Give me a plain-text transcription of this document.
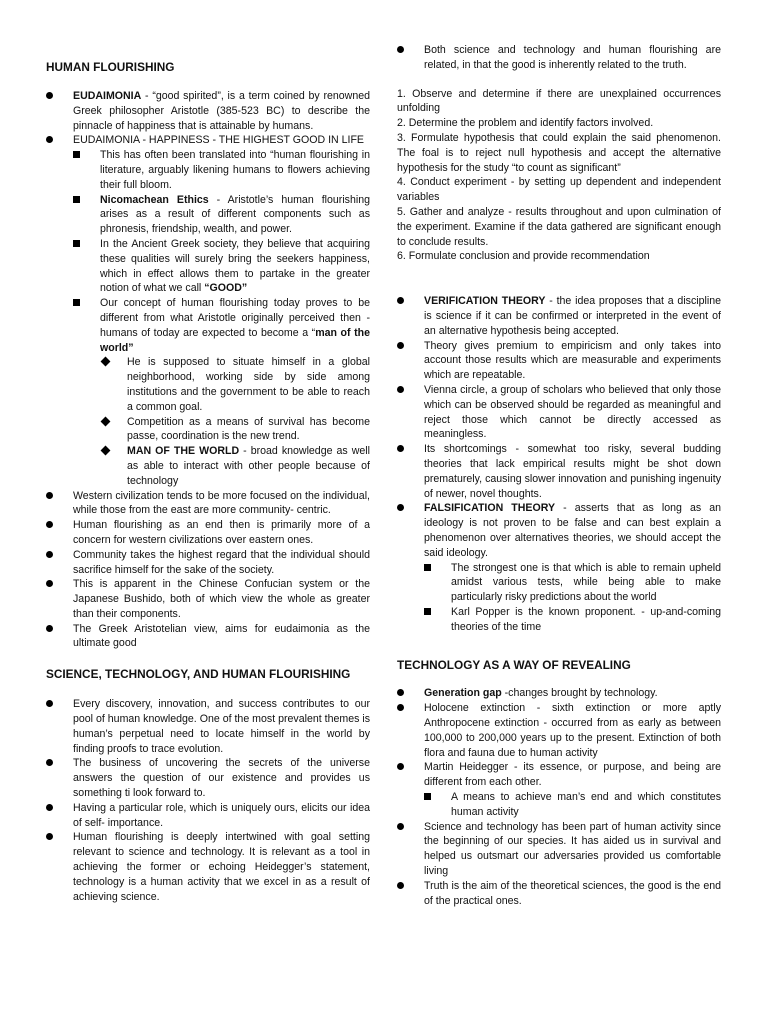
HUMAN FLOURISHING
EUDAIMONIA - “good spirited”, is a term coined by renowned Greek philosopher Aristotle (385-523 BC) to describe the pinnacle of happiness that is attainable by humans.
EUDAIMONIA - HAPPINESS - THE HIGHEST GOOD IN LIFE
This has often been translated into “human flourishing in literature, arguably likening humans to flowers achieving their full bloom.
Nicomachean Ethics - Aristotle’s human flourishing arises as a result of different components such as phronesis, friendship, wealth, and power.
In the Ancient Greek society, they believe that acquiring these qualities will surely bring the seekers happiness, which in effect allows them to partake in the greater notion of what we call “GOOD”
Our concept of human flourishing today proves to be different from what Aristotle originally perceived then - humans of today are expected to become a “man of the world”
He is supposed to situate himself in a global neighborhood, working side by side among institutions and the government to be able to reach a common goal.
Competition as a means of survival has become passe, coordination is the new trend.
MAN OF THE WORLD - broad knowledge as well as able to interact with other people because of technology
Western civilization tends to be more focused on the individual, while those from the east are more community- centric.
Human flourishing as an end then is primarily more of a concern for western civilizations over eastern ones.
Community takes the highest regard that the individual should sacrifice himself for the sake of the society.
This is apparent in the Chinese Confucian system or the Japanese Bushido, both of which view the whole as greater than their components.
The Greek Aristotelian view, aims for eudaimonia as the ultimate good
SCIENCE, TECHNOLOGY, AND HUMAN FLOURISHING
Every discovery, innovation, and success contributes to our pool of human knowledge. One of the most prevalent themes is human’s perpetual need to locate himself in the world by finding proofs to trace evolution.
The business of uncovering the secrets of the universe answers the question of our existence and provides us something ti look forward to.
Having a particular role, which is uniquely ours, elicits our idea of self- importance.
Human flourishing is deeply intertwined with goal setting relevant to science and technology. It is relevant as a tool in achieving the former or echoing Heidegger’s statement, technology is a human activity that we excel in as a result of achieving science.
Both science and technology and human flourishing are related, in that the good is inherently related to the truth.

1. Observe and determine if there are unexplained occurrences unfolding

2. Determine the problem and identify factors involved.

3. Formulate hypothesis that could explain the said phenomenon. The foal is to reject null hypothesis and accept the alternative hypothesis for the study “to count as significant”

4. Conduct experiment - by setting up dependent and independent variables

5. Gather and analyze - results throughout and upon culmination of the experiment. Examine if the data gathered are significant enough to conclude results.

6. Formulate conclusion and provide recommendation

VERIFICATION THEORY - the idea proposes that a discipline is science if it can be confirmed or interpreted in the event of an alternative hypothesis being accepted.
Theory gives premium to empiricism and only takes into account those results which are measurable and experiments which are repeatable.
Vienna circle, a group of scholars who believed that only those which can be observed should be regarded as meaningful and reject those which cannot be directly accessed as meaningless.
Its shortcomings - somewhat too risky, several budding theories that lack empirical results might be shot down prematurely, causing slower innovation and punishing ingenuity of newer, novel thoughts.
FALSIFICATION THEORY - asserts that as long as an ideology is not proven to be false and can best explain a phenomenon over alternatives theories, we should accept the said ideology.
The strongest one is that which is able to remain upheld amidst various tests, while being able to make particularly risky predictions about the world
Karl Popper is the known proponent. - up-and-coming theories of the time
TECHNOLOGY AS A WAY OF REVEALING
Generation gap -changes brought by technology.
Holocene extinction - sixth extinction or more aptly Anthropocene extinction - occurred from as early as between 100,000 to 200,000 years up to the present. Extinction of both flora and fauna due to human activity
Martin Heidegger - its essence, or purpose, and being are different from each other.
A means to achieve man’s end and which constitutes human activity
Science and technology has been part of human activity since the beginning of our species. It has aided us in survival and helped us outsmart our adversaries provided us comfortable living
Truth is the aim of the theoretical sciences, the good is the end of the practical ones.
